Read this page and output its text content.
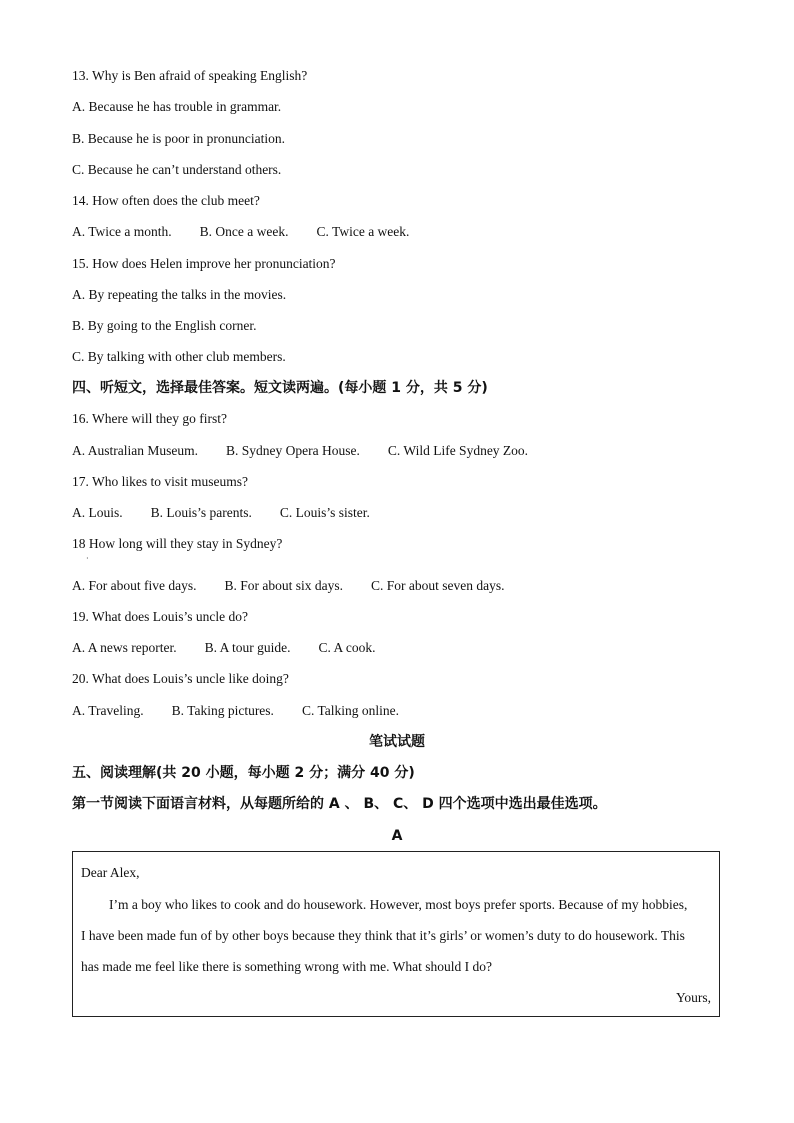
13. Why is Ben afraid of speaking English?
A. Because he has trouble in grammar.
B. Because he is poor in pronunciation.
C. Because he can’t understand others.
14. How often does the club meet?
A. Twice a month. B. Once a week. C. Twice a week.
15. How does Helen improve her pronunciation?
A. By repeating the talks in the movies.
B. By going to the English corner.
C. By talking with other club members.
四、听短文，选择最佳答案。短文读两遍。(每小题 1 分，共 5 分)
16. Where will they go first?
A. Australian Museum. B. Sydney Opera House. C. Wild Life Sydney Zoo.
17. Who likes to visit museums?
A. Louis. B. Louis’s parents. C. Louis’s sister.
18 How long will they stay in Sydney?
·
A. For about five days. B. For about six days. C. For about seven days.
19. What does Louis’s uncle do?
A. A news reporter. B. A tour guide. C. A cook.
20. What does Louis’s uncle like doing?
A. Traveling. B. Taking pictures. C. Talking online.
笔试试题
五、阅读理解(共 20 小题，每小题 2 分；满分 40 分)
第一节阅读下面语言材料，从每题所给的 A 、 B、 C、 D 四个选项中选出最佳选项。
A
Dear Alex,
I’m a boy who likes to cook and do housework. However, most boys prefer sports. Because of my hobbies,
I have been made fun of by other boys because they think that it’s girls’ or women’s duty to do housework. This
has made me feel like there is something wrong with me. What should I do?
Yours,
